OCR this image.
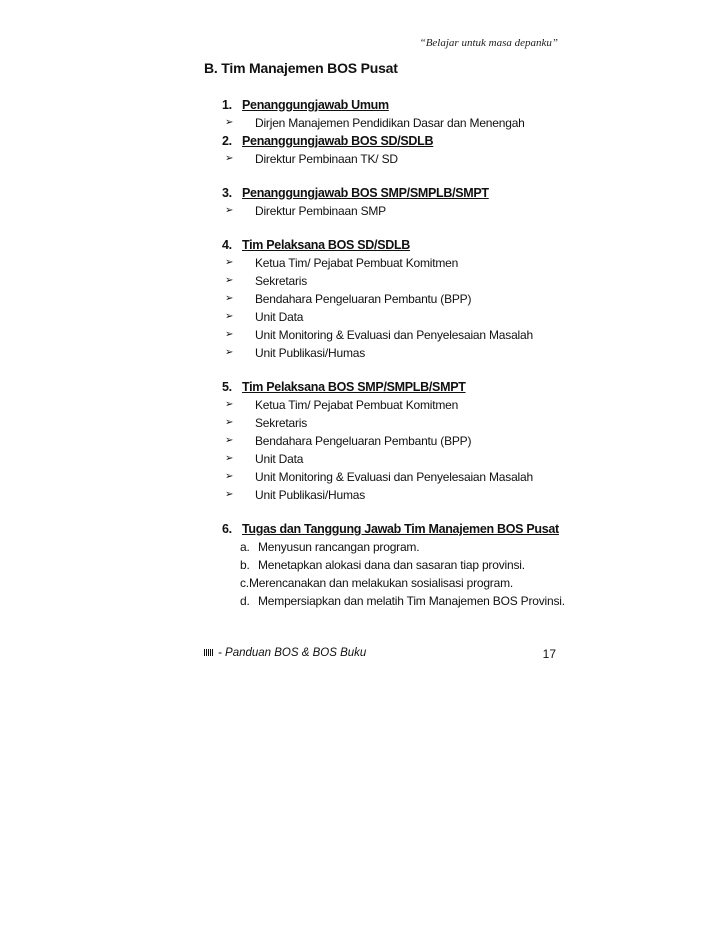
“Belajar untuk masa depanku”
B. Tim Manajemen BOS Pusat
1. Penanggungjawab Umum
➢ Dirjen Manajemen Pendidikan Dasar dan Menengah
2. Penanggungjawab BOS SD/SDLB
➢ Direktur Pembinaan TK/ SD
3. Penanggungjawab BOS SMP/SMPLB/SMPT
➢ Direktur Pembinaan SMP
4. Tim Pelaksana BOS SD/SDLB
➢ Ketua Tim/ Pejabat Pembuat Komitmen
➢ Sekretaris
➢ Bendahara Pengeluaran Pembantu (BPP)
➢ Unit Data
➢ Unit Monitoring & Evaluasi dan Penyelesaian Masalah
➢ Unit Publikasi/Humas
5. Tim Pelaksana BOS SMP/SMPLB/SMPT
➢ Ketua Tim/ Pejabat Pembuat Komitmen
➢ Sekretaris
➢ Bendahara Pengeluaran Pembantu (BPP)
➢ Unit Data
➢ Unit Monitoring & Evaluasi dan Penyelesaian Masalah
➢ Unit Publikasi/Humas
6. Tugas dan Tanggung Jawab Tim Manajemen BOS Pusat
a. Menyusun rancangan program.
b. Menetapkan alokasi dana dan sasaran tiap provinsi.
c.Merencanakan dan melakukan sosialisasi program.
d. Mempersiapkan dan melatih Tim Manajemen BOS Provinsi.
- Panduan BOS & BOS Buku	17
